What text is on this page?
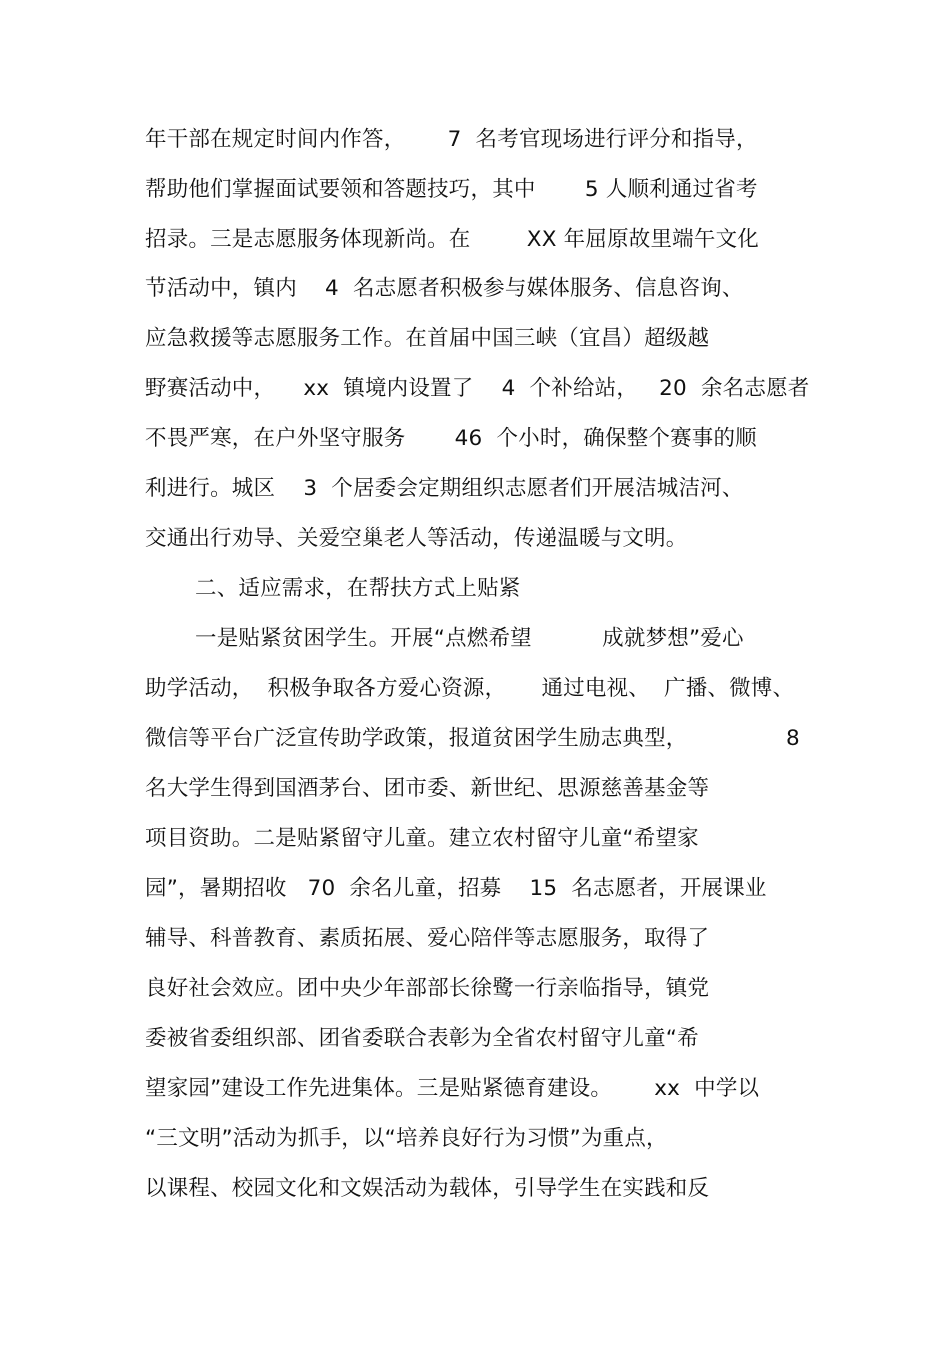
年干部在规定时间内作答，      7  名考官现场进行评分和指导，
帮助他们掌握面试要领和答题技巧，其中       5 人顺利通过省考
招录。三是志愿服务体现新尚。在        XX 年屈原故里端午文化
节活动中，镇内    4  名志愿者积极参与媒体服务、信息咨询、
应急救援等志愿服务工作。在首届中国三峡（宜昌）超级越
野赛活动中，    xx  镇境内设置了    4  个补给站，   20  余名志愿者
不畏严寒，在户外坚守服务       46  个小时，确保整个赛事的顺
利进行。城区    3  个居委会定期组织志愿者们开展洁城洁河、
交通出行劝导、关爱空巢老人等活动，传递温暖与文明。
二、适应需求，在帮扶方式上贴紧
一是贴紧贫困学生。开展“点燃希望          成就梦想”爱心
助学活动，  积极争取各方爱心资源，     通过电视、  广播、微博、
微信等平台广泛宣传助学政策，报道贫困学生励志典型，              8
名大学生得到国酒茅台、团市委、新世纪、思源慈善基金等
项目资助。二是贴紧留守儿童。建立农村留守儿童“希望家
园”，暑期招收   70  余名儿童，招募    15  名志愿者，开展课业
辅导、科普教育、素质拓展、爱心陪伴等志愿服务，取得了
良好社会效应。团中央少年部部长徐鹭一行亲临指导，镇党
委被省委组织部、团省委联合表彰为全省农村留守儿童“希
望家园”建设工作先进集体。三是贴紧德育建设。      xx  中学以
“三文明”活动为抓手，以“培养良好行为习惯”为重点，
以课程、校园文化和文娱活动为载体，引导学生在实践和反
